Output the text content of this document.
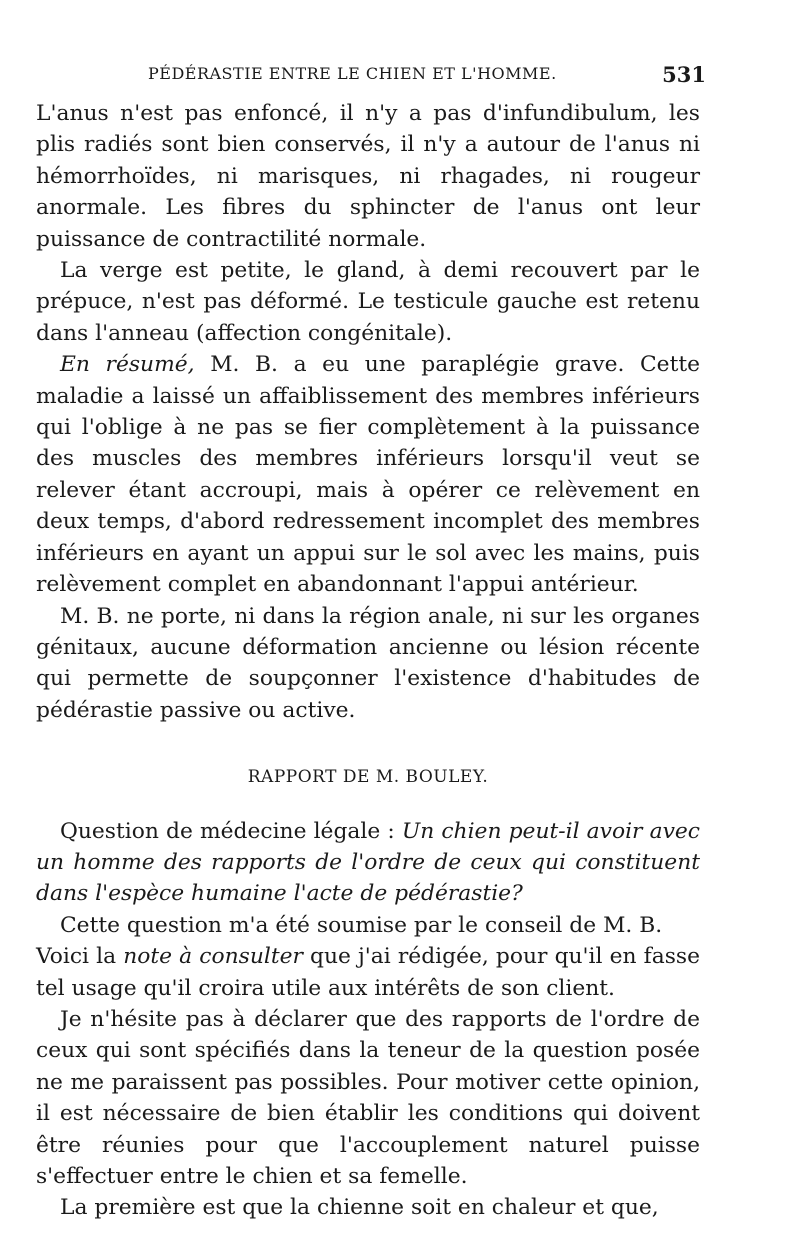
PÉDÉRASTIE ENTRE LE CHIEN ET L'HOMME.	531

L'anus n'est pas enfoncé, il n'y a pas d'infundibulum, les plis radiés sont bien conservés, il n'y a autour de l'anus ni hémorrhoïdes, ni marisques, ni rhagades, ni rougeur anormale. Les fibres du sphincter de l'anus ont leur puissance de contractilité normale.

La verge est petite, le gland, à demi recouvert par le prépuce, n'est pas déformé. Le testicule gauche est retenu dans l'anneau (affection congénitale).

En résumé, M. B. a eu une paraplégie grave. Cette maladie a laissé un affaiblissement des membres inférieurs qui l'oblige à ne pas se fier complètement à la puissance des muscles des membres inférieurs lorsqu'il veut se relever étant accroupi, mais à opérer ce relèvement en deux temps, d'abord redressement incomplet des membres inférieurs en ayant un appui sur le sol avec les mains, puis relèvement complet en abandonnant l'appui antérieur.

M. B. ne porte, ni dans la région anale, ni sur les organes génitaux, aucune déformation ancienne ou lésion récente qui permette de soupçonner l'existence d'habitudes de pédérastie passive ou active.

RAPPORT DE M. BOULEY.

Question de médecine légale : Un chien peut-il avoir avec un homme des rapports de l'ordre de ceux qui constituent dans l'espèce humaine l'acte de pédérastie?

Cette question m'a été soumise par le conseil de M. B.

Voici la note à consulter que j'ai rédigée, pour qu'il en fasse tel usage qu'il croira utile aux intérêts de son client.

Je n'hésite pas à déclarer que des rapports de l'ordre de ceux qui sont spécifiés dans la teneur de la question posée ne me paraissent pas possibles. Pour motiver cette opinion, il est nécessaire de bien établir les conditions qui doivent être réunies pour que l'accouplement naturel puisse s'effectuer entre le chien et sa femelle.

La première est que la chienne soit en chaleur et que,
